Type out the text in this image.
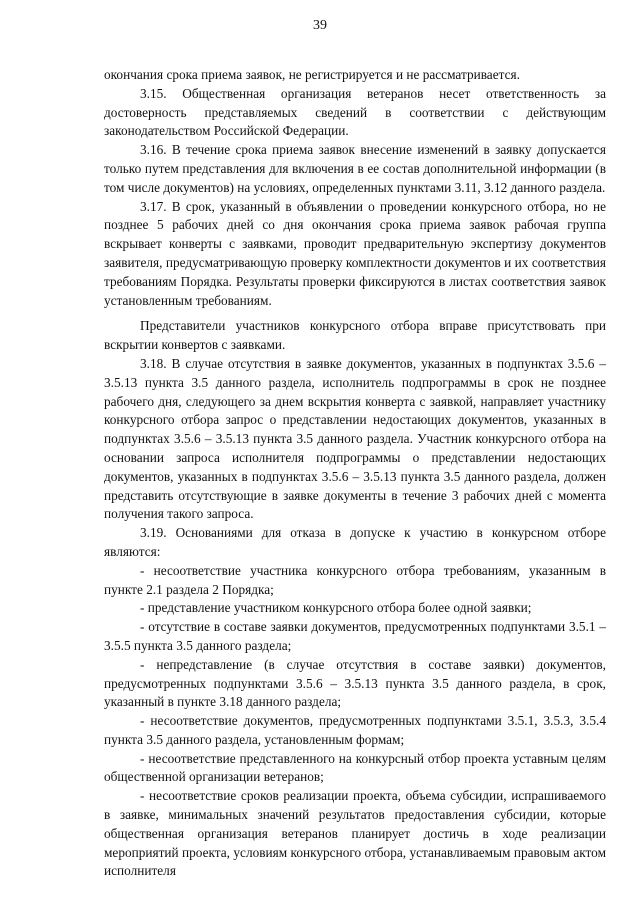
39

окончания срока приема заявок, не регистрируется и не рассматривается.

3.15. Общественная организация ветеранов несет ответственность за достоверность представляемых сведений в соответствии с действующим законодательством Российской Федерации.

3.16. В течение срока приема заявок внесение изменений в заявку допускается только путем представления для включения в ее состав дополнительной информации (в том числе документов) на условиях, определенных пунктами 3.11, 3.12 данного раздела.

3.17. В срок, указанный в объявлении о проведении конкурсного отбора, но не позднее 5 рабочих дней со дня окончания срока приема заявок рабочая группа вскрывает конверты с заявками, проводит предварительную экспертизу документов заявителя, предусматривающую проверку комплектности документов и их соответствия требованиям Порядка. Результаты проверки фиксируются в листах соответствия заявок установленным требованиям.

Представители участников конкурсного отбора вправе присутствовать при вскрытии конвертов с заявками.

3.18. В случае отсутствия в заявке документов, указанных в подпунктах 3.5.6 – 3.5.13 пункта 3.5 данного раздела, исполнитель подпрограммы в срок не позднее рабочего дня, следующего за днем вскрытия конверта с заявкой, направляет участнику конкурсного отбора запрос о представлении недостающих документов, указанных в подпунктах 3.5.6 – 3.5.13 пункта 3.5 данного раздела. Участник конкурсного отбора на основании запроса исполнителя подпрограммы о представлении недостающих документов, указанных в подпунктах 3.5.6 – 3.5.13 пункта 3.5 данного раздела, должен представить отсутствующие в заявке документы в течение 3 рабочих дней с момента получения такого запроса.

3.19. Основаниями для отказа в допуске к участию в конкурсном отборе являются:

- несоответствие участника конкурсного отбора требованиям, указанным в пункте 2.1 раздела 2 Порядка;

- представление участником конкурсного отбора более одной заявки;

- отсутствие в составе заявки документов, предусмотренных подпунктами 3.5.1 – 3.5.5 пункта 3.5 данного раздела;

- непредставление (в случае отсутствия в составе заявки) документов, предусмотренных подпунктами 3.5.6 – 3.5.13 пункта 3.5 данного раздела, в срок, указанный в пункте 3.18 данного раздела;

- несоответствие документов, предусмотренных подпунктами 3.5.1, 3.5.3, 3.5.4 пункта 3.5 данного раздела, установленным формам;

- несоответствие представленного на конкурсный отбор проекта уставным целям общественной организации ветеранов;

- несоответствие сроков реализации проекта, объема субсидии, испрашиваемого в заявке, минимальных значений результатов предоставления субсидии, которые общественная организация ветеранов планирует достичь в ходе реализации мероприятий проекта, условиям конкурсного отбора, устанавливаемым правовым актом исполнителя
